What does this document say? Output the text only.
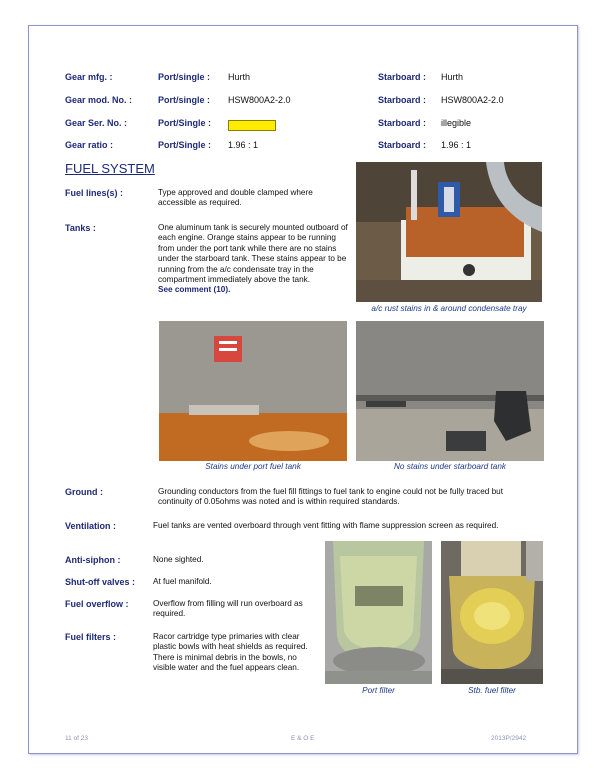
Gear mfg. :	Port/single : Hurth	Starboard : Hurth
Gear mod. No. :	Port/single : HSW800A2-2.0	Starboard : HSW800A2-2.0
Gear Ser. No. :	Port/Single :	Starboard : illegible
Gear ratio :	Port/Single : 1.96 : 1	Starboard : 1.96 : 1
FUEL SYSTEM
Fuel lines(s) :	Type approved and double clamped where accessible as required.
Tanks :	One aluminum tank is securely mounted outboard of each engine. Orange stains appear to be running from under the port tank while there are no stains under the starboard tank. These stains appear to be running from the a/c condensate tray in the compartment immediately above the tank.
See comment (10).
a/c rust stains in & around condensate tray
Stains under port fuel tank	No stains under starboard tank
Ground :	Grounding conductors from the fuel fill fittings to fuel tank to engine could not be fully traced but continuity of 0.05ohms was noted and is within required standards.
Ventilation :	Fuel tanks are vented overboard through vent fitting with flame suppression screen as required.
Anti-siphon :	None sighted.
Shut-off valves : At fuel manifold.
Fuel overflow :	Overflow from filling will run overboard as required.
Fuel filters :	Racor cartridge type primaries with clear plastic bowls with heat shields as required. There is minimal debris in the bowls, no visible water and the fuel appears clean.
Port filter	Stb. fuel filter
11 of 23	E & O E	2013P/2942
